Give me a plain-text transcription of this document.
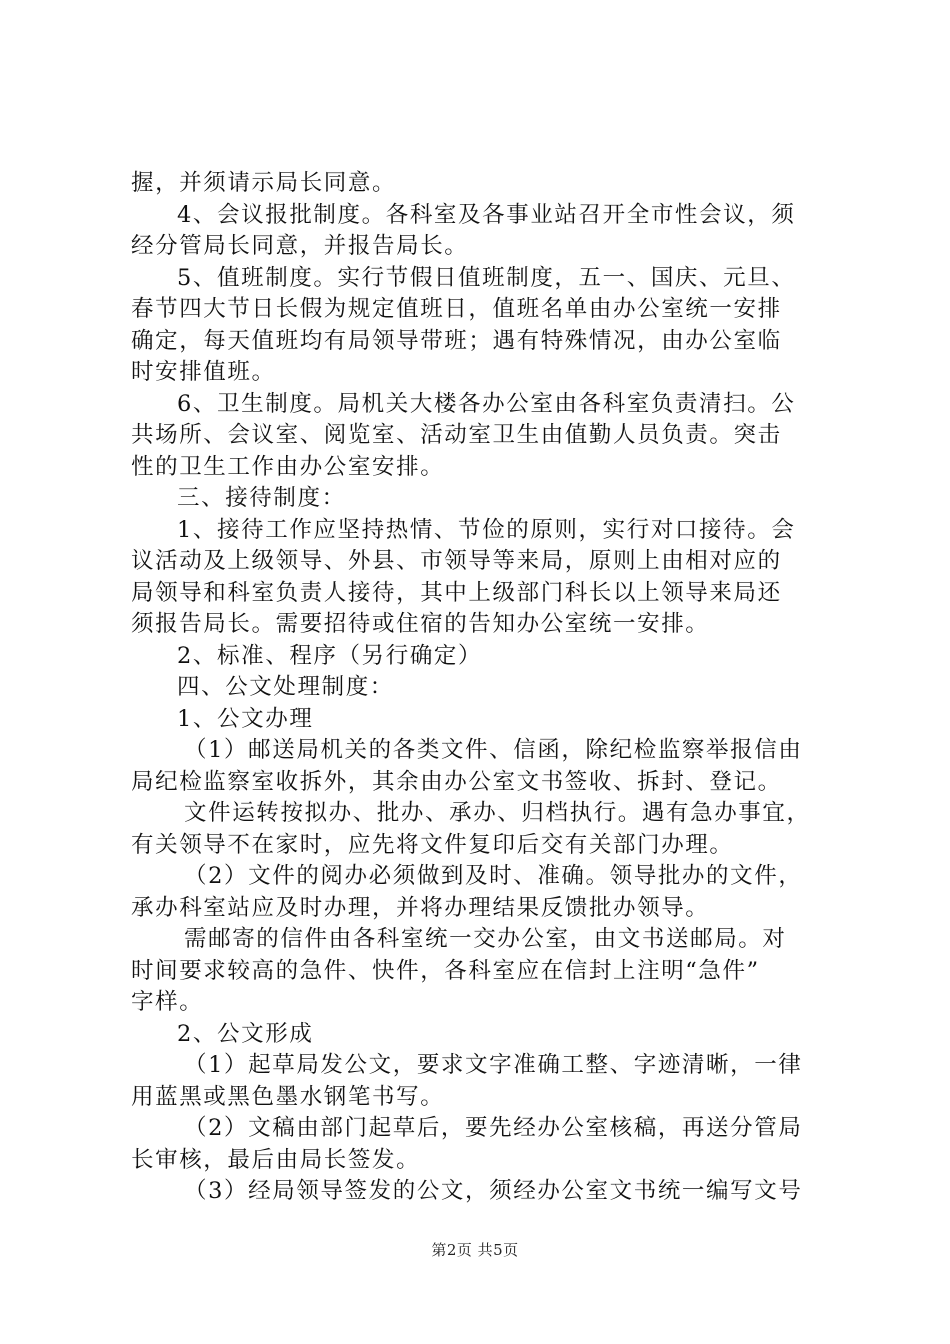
握，并须请示局长同意。
4、会议报批制度。各科室及各事业站召开全市性会议，须
经分管局长同意，并报告局长。
5、值班制度。实行节假日值班制度，五一、国庆、元旦、
春节四大节日长假为规定值班日，值班名单由办公室统一安排
确定，每天值班均有局领导带班；遇有特殊情况，由办公室临
时安排值班。
6、卫生制度。局机关大楼各办公室由各科室负责清扫。公
共场所、会议室、阅览室、活动室卫生由值勤人员负责。突击
性的卫生工作由办公室安排。
三、接待制度：
1、接待工作应坚持热情、节俭的原则，实行对口接待。会
议活动及上级领导、外县、市领导等来局，原则上由相对应的
局领导和科室负责人接待，其中上级部门科长以上领导来局还
须报告局长。需要招待或住宿的告知办公室统一安排。
2、标准、程序（另行确定）
四、公文处理制度：
1、公文办理
（1）邮送局机关的各类文件、信函，除纪检监察举报信由
局纪检监察室收拆外，其余由办公室文书签收、拆封、登记。
文件运转按拟办、批办、承办、归档执行。遇有急办事宜，
有关领导不在家时，应先将文件复印后交有关部门办理。
（2）文件的阅办必须做到及时、准确。领导批办的文件，
承办科室站应及时办理，并将办理结果反馈批办领导。
需邮寄的信件由各科室统一交办公室，由文书送邮局。对
时间要求较高的急件、快件，各科室应在信封上注明“急件”
字样。
2、公文形成
（1）起草局发公文，要求文字准确工整、字迹清晰，一律
用蓝黑或黑色墨水钢笔书写。
（2）文稿由部门起草后，要先经办公室核稿，再送分管局
长审核，最后由局长签发。
（3）经局领导签发的公文，须经办公室文书统一编写文号
第2页 共5页
